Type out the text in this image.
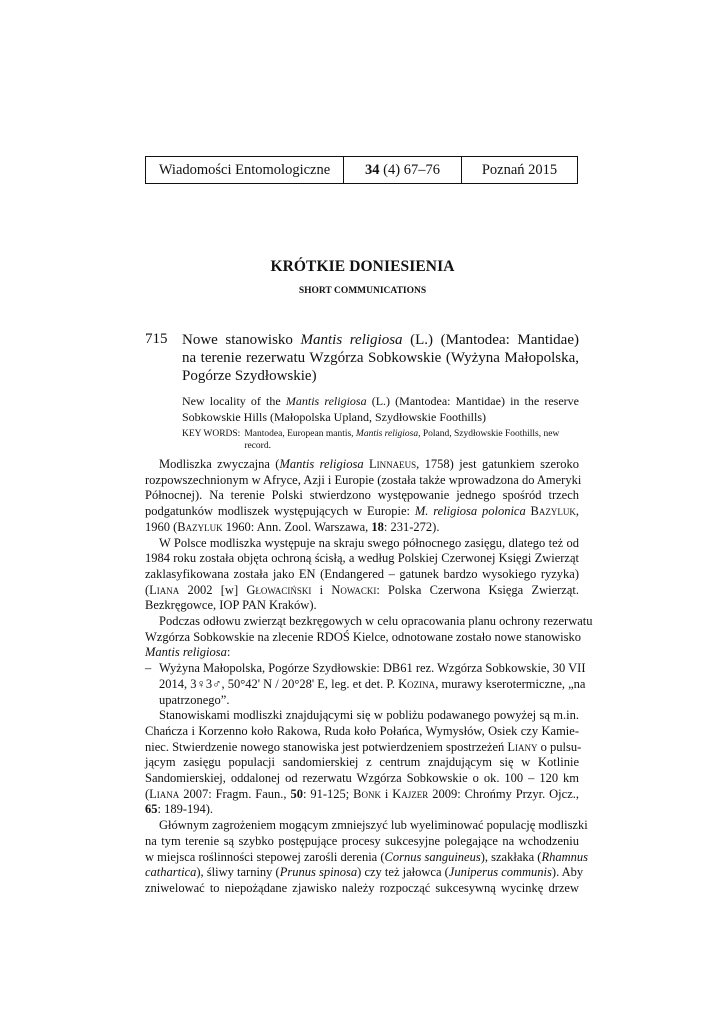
Wiadomości Entomologiczne	34
(4) 67–76	Poznań 2015
KRÓTKIE DONIESIENIA
SHORT COMMUNICATIONS
715 Nowe stanowisko Mantis religiosa (L.) (Mantodea: Mantidae)
na terenie rezerwatu Wzgórza Sobkowskie (Wyżyna Małopolska,
Pogórze Szydłowskie)
New locality of the Mantis religiosa (L.) (Mantodea: Mantidae) in the reserve
Sobkowskie Hills (Małopolska Upland, Szydłowskie Foothills)
KEY WORDS: Mantodea, European mantis, Mantis religiosa, Poland, Szydłowskie Foothills, new
record.
Modliszka zwyczajna (Mantis religiosa Linnaeus, 1758) jest gatunkiem szeroko
rozpowszechnionym w Afryce, Azji i Europie (została także wprowadzona do Ameryki
Północnej). Na terenie Polski stwierdzono występowanie jednego spośród trzech
podgatunków modliszek występujących w Europie: M. religiosa polonica Bazyluk,
1960 (Bazyluk 1960: Ann. Zool. Warszawa, 18: 231-272).
W Polsce modliszka występuje na skraju swego północnego zasięgu, dlatego też od
1984 roku została objęta ochroną ścisłą, a według Polskiej Czerwonej Księgi Zwierząt
zaklasyfikowana została jako EN (Endangered – gatunek bardzo wysokiego ryzyka)
(Liana 2002 [w] Głowaciński i Nowacki: Polska Czerwona Księga Zwierząt.
Bezkręgowce, IOP PAN Kraków).
Podczas odłowu zwierząt bezkręgowych w celu opracowania planu ochrony rezerwatu
Wzgórza Sobkowskie na zlecenie RDOŚ Kielce, odnotowane zostało nowe stanowisko
Mantis religiosa:
– Wyżyna Małopolska, Pogórze Szydłowskie: DB61 rez. Wzgórza Sobkowskie, 30 VII
2014, 3♀3♂, 50°42' N / 20°28' E, leg. et det. P. Kozina, murawy kserotermiczne, „na
upatrzonego”.
Stanowiskami modliszki znajdującymi się w pobliżu podawanego powyżej są m.in.
Chańcza i Korzenno koło Rakowa, Ruda koło Połańca, Wymysłów, Osiek czy Kamie-
niec. Stwierdzenie nowego stanowiska jest potwierdzeniem spostrzeżeń Liany o pulsu-
jącym zasięgu populacji sandomierskiej z centrum znajdującym się w Kotlinie
Sandomierskiej, oddalonej od rezerwatu Wzgórza Sobkowskie o ok. 100 – 120 km
(Liana 2007: Fragm. Faun., 50: 91-125; Bonk i Kajzer 2009: Chrońmy Przyr. Ojcz.,
65: 189-194).
Głównym zagrożeniem mogącym zmniejszyć lub wyeliminować populację modliszki
na tym terenie są szybko postępujące procesy sukcesyjne polegające na wchodzeniu
w miejsca roślinności stepowej zarośli derenia (Cornus sanguineus), szakłaka (Rhamnus
cathartica), śliwy tarniny (Prunus spinosa) czy też jałowca (Juniperus communis). Aby
zniwelować to niepożądane zjawisko należy rozpocząć sukcesywną wycinkę drzew
